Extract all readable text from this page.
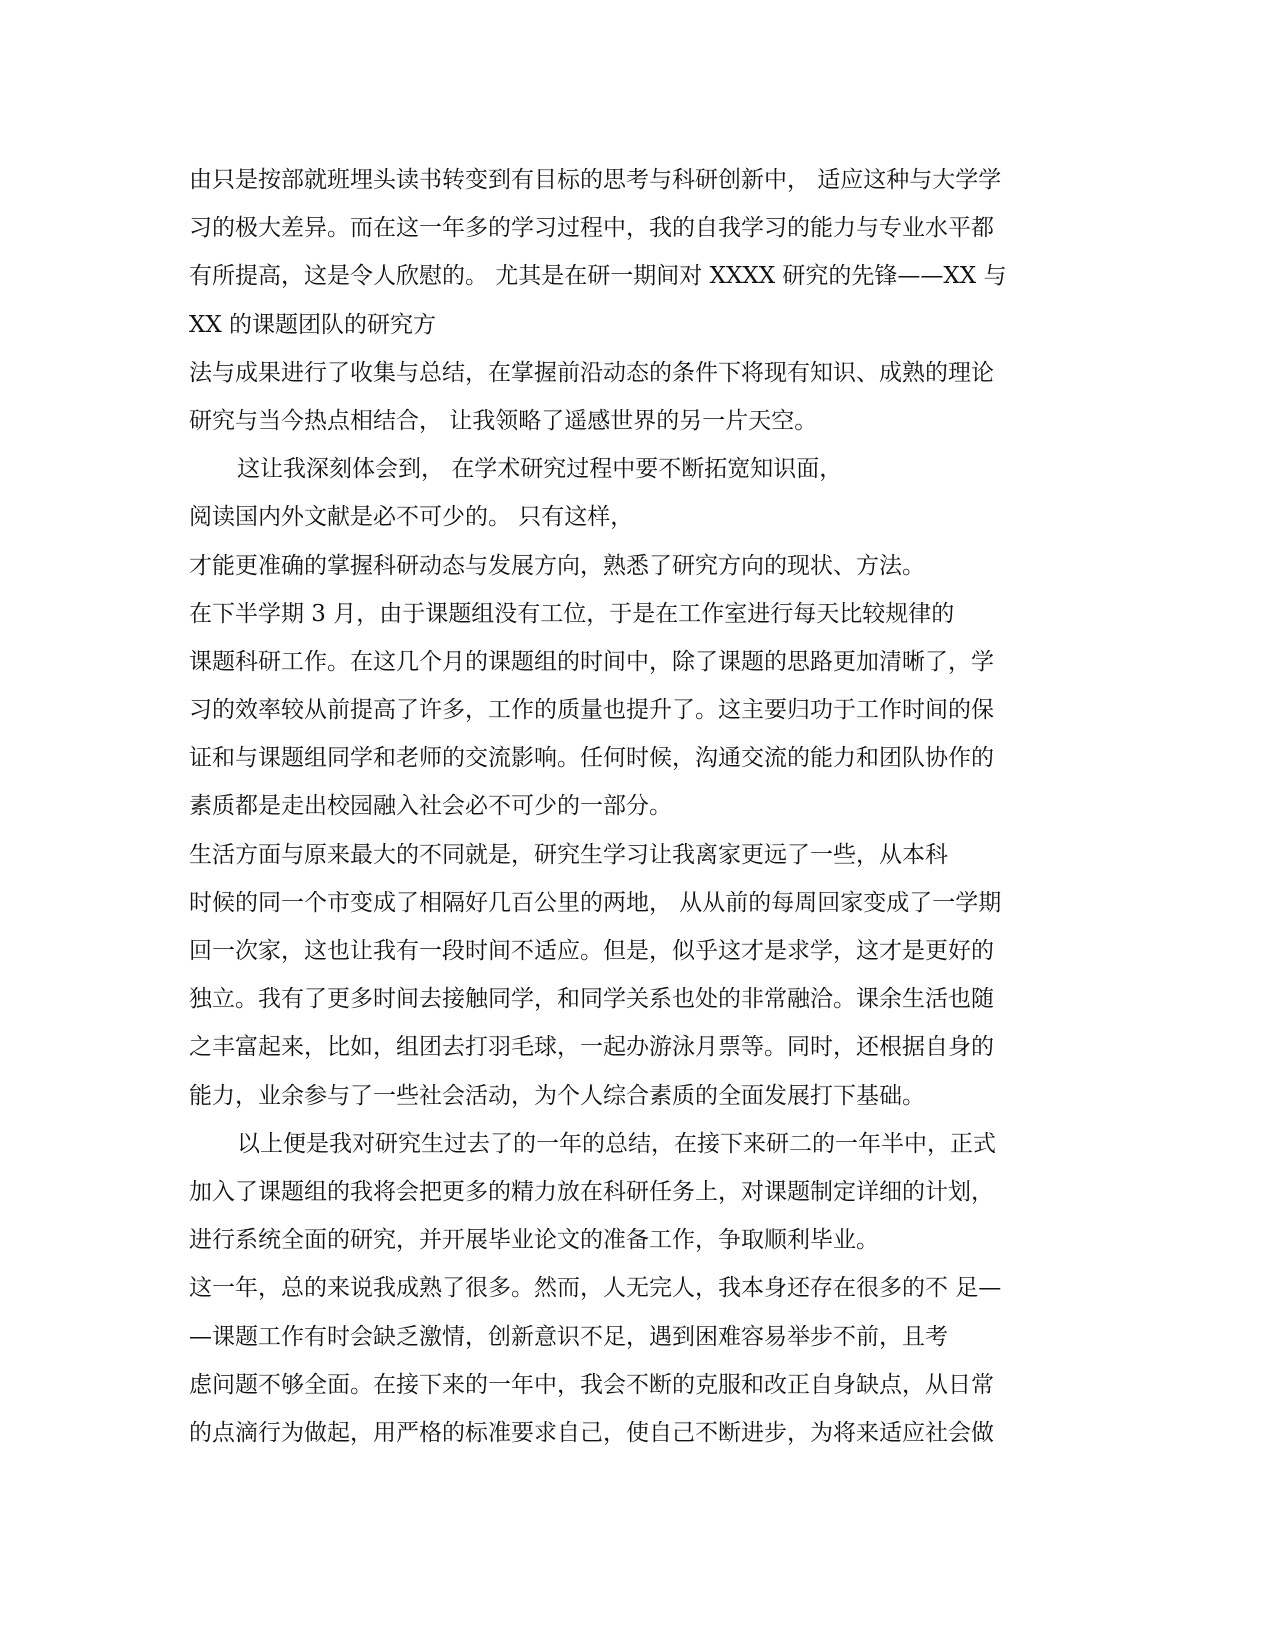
由只是按部就班埋头读书转变到有目标的思考与科研创新中， 适应这种与大学学
习的极大差异。而在这一年多的学习过程中，我的自我学习的能力与专业水平都
有所提高，这是令人欣慰的。 尤其是在研一期间对 XXXX 研究的先锋——XX 与
XX 的课题团队的研究方
法与成果进行了收集与总结，在掌握前沿动态的条件下将现有知识、成熟的理论
研究与当今热点相结合， 让我领略了遥感世界的另一片天空。
这让我深刻体会到， 在学术研究过程中要不断拓宽知识面，
阅读国内外文献是必不可少的。 只有这样，
才能更准确的掌握科研动态与发展方向，熟悉了研究方向的现状、方法。
在下半学期 3 月，由于课题组没有工位，于是在工作室进行每天比较规律的
课题科研工作。在这几个月的课题组的时间中，除了课题的思路更加清晰了，学
习的效率较从前提高了许多，工作的质量也提升了。这主要归功于工作时间的保
证和与课题组同学和老师的交流影响。任何时候，沟通交流的能力和团队协作的
素质都是走出校园融入社会必不可少的一部分。
生活方面与原来最大的不同就是，研究生学习让我离家更远了一些，从本科
时候的同一个市变成了相隔好几百公里的两地， 从从前的每周回家变成了一学期
回一次家，这也让我有一段时间不适应。但是，似乎这才是求学，这才是更好的
独立。我有了更多时间去接触同学，和同学关系也处的非常融洽。课余生活也随
之丰富起来，比如，组团去打羽毛球，一起办游泳月票等。同时，还根据自身的
能力，业余参与了一些社会活动，为个人综合素质的全面发展打下基础。
以上便是我对研究生过去了的一年的总结，在接下来研二的一年半中，正式
加入了课题组的我将会把更多的精力放在科研任务上，对课题制定详细的计划，
进行系统全面的研究，并开展毕业论文的准备工作，争取顺利毕业。
这一年，总的来说我成熟了很多。然而，人无完人，我本身还存在很多的不 足—
—课题工作有时会缺乏激情，创新意识不足，遇到困难容易举步不前，且考
虑问题不够全面。在接下来的一年中，我会不断的克服和改正自身缺点，从日常
的点滴行为做起，用严格的标准要求自己，使自己不断进步，为将来适应社会做
